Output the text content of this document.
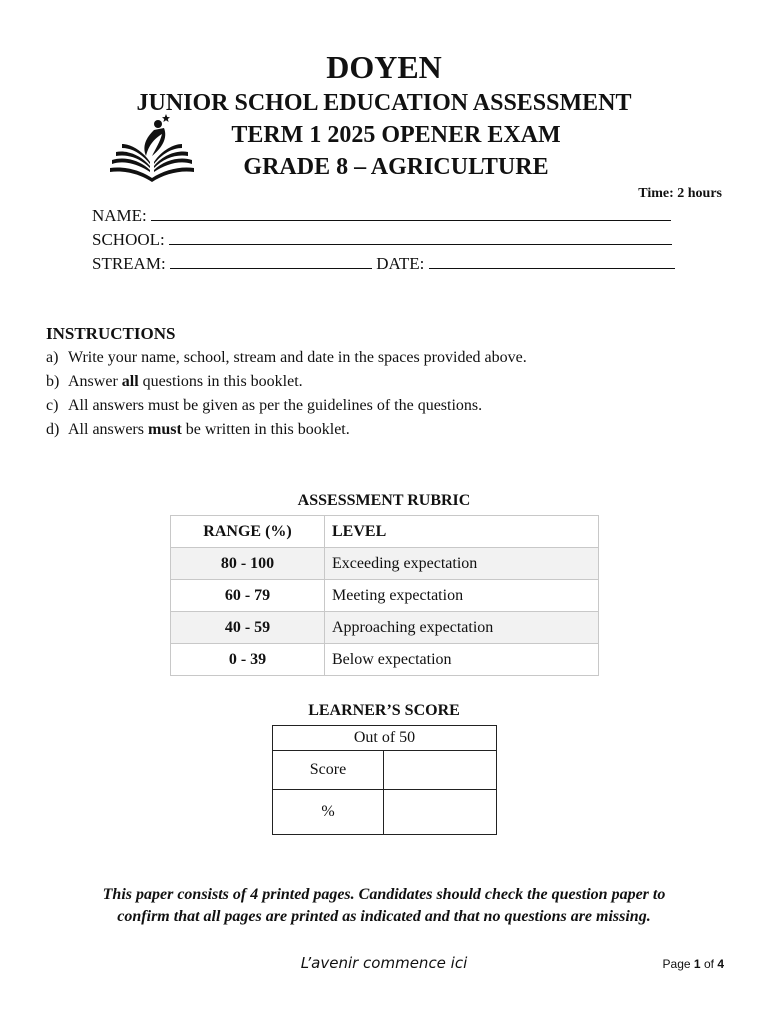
DOYEN
JUNIOR SCHOL EDUCATION ASSESSMENT
TERM 1 2025 OPENER EXAM
GRADE 8 – AGRICULTURE
Time: 2 hours
NAME:
SCHOOL:
STREAM:	DATE:
INSTRUCTIONS
a) Write your name, school, stream and date in the spaces provided above.
b) Answer all questions in this booklet.
c) All answers must be given as per the guidelines of the questions.
d) All answers must be written in this booklet.
ASSESSMENT RUBRIC
RANGE (%)	LEVEL
80 - 100	Exceeding expectation
60 - 79	Meeting expectation
40 - 59	Approaching expectation
0 - 39	Below expectation
LEARNER’S SCORE
Out of 50	
Score	
%	
This paper consists of 4 printed pages. Candidates should check the question paper to
confirm that all pages are printed as indicated and that no questions are missing.
L’avenir commence ici	Page 1 of 4
